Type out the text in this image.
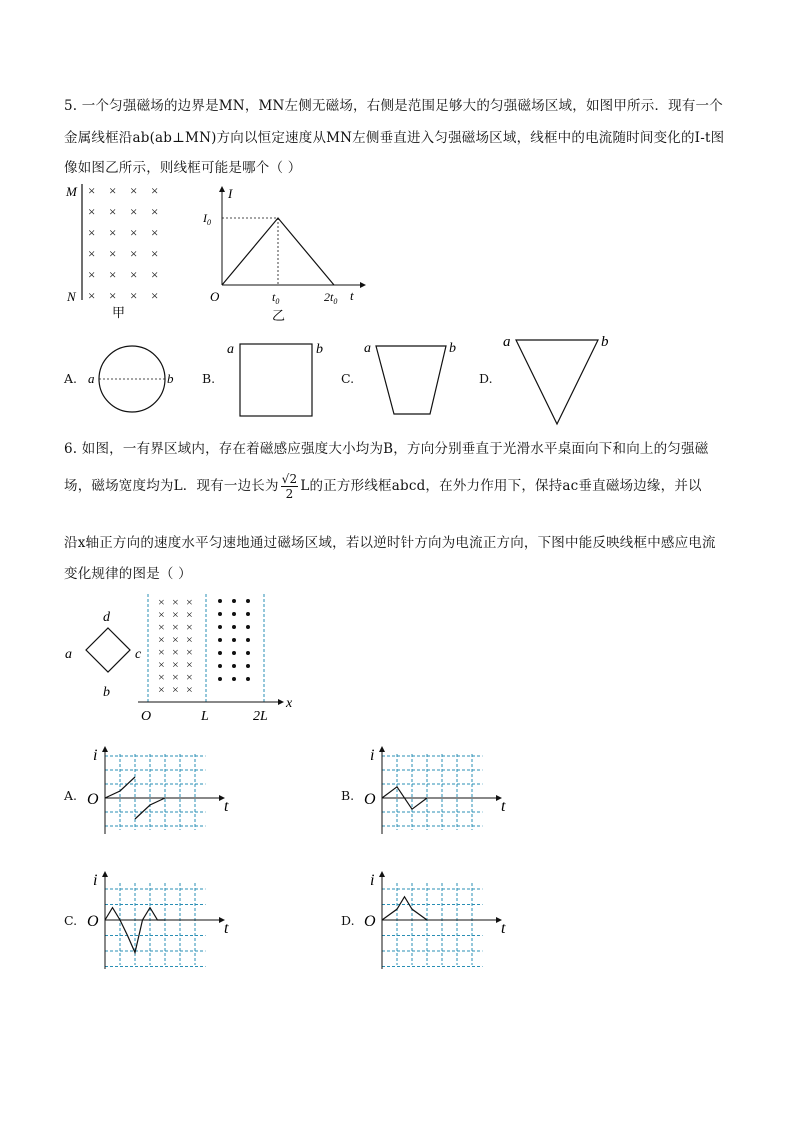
5. 一个匀强磁场的边界是MN，MN左侧无磁场，右侧是范围足够大的匀强磁场区域，如图甲所示．现有一个
金属线框沿ab(ab⊥MN)方向以恒定速度从MN左侧垂直进入匀强磁场区域，线框中的电流随时间变化的I-t图
像如图乙所示，则线框可能是哪个（ ）
M
N
× × × ×
× × × ×
× × × ×
× × × ×
× × × ×
× × × ×
甲
I
t
O
$I_0$
$t_0$	$2t_0$
乙
A. a	b B.
a	b
C.
a	b
D.
a	b
6. 如图，一有界区域内，存在着磁感应强度大小均为B，方向分别垂直于光滑水平桌面向下和向上的匀强磁
场，磁场宽度均为L．现有一边长为 $\frac{√2}{2}$ L的正方形线框abcd，在外力作用下，保持ac垂直磁场边缘，并以
沿x轴正方向的速度水平匀速地通过磁场区域，若以逆时针方向为电流正方向，下图中能反映线框中感应电流
变化规律的图是（ ）
d
a	c
b
× × ×
× × ×
× × ×
× × ×
× × ×
× × ×
× × ×
× × ×
O	L	2L
x
A.
i
t
O	B.
i
t
O
C.
i
t
O	D.
i
t
O
